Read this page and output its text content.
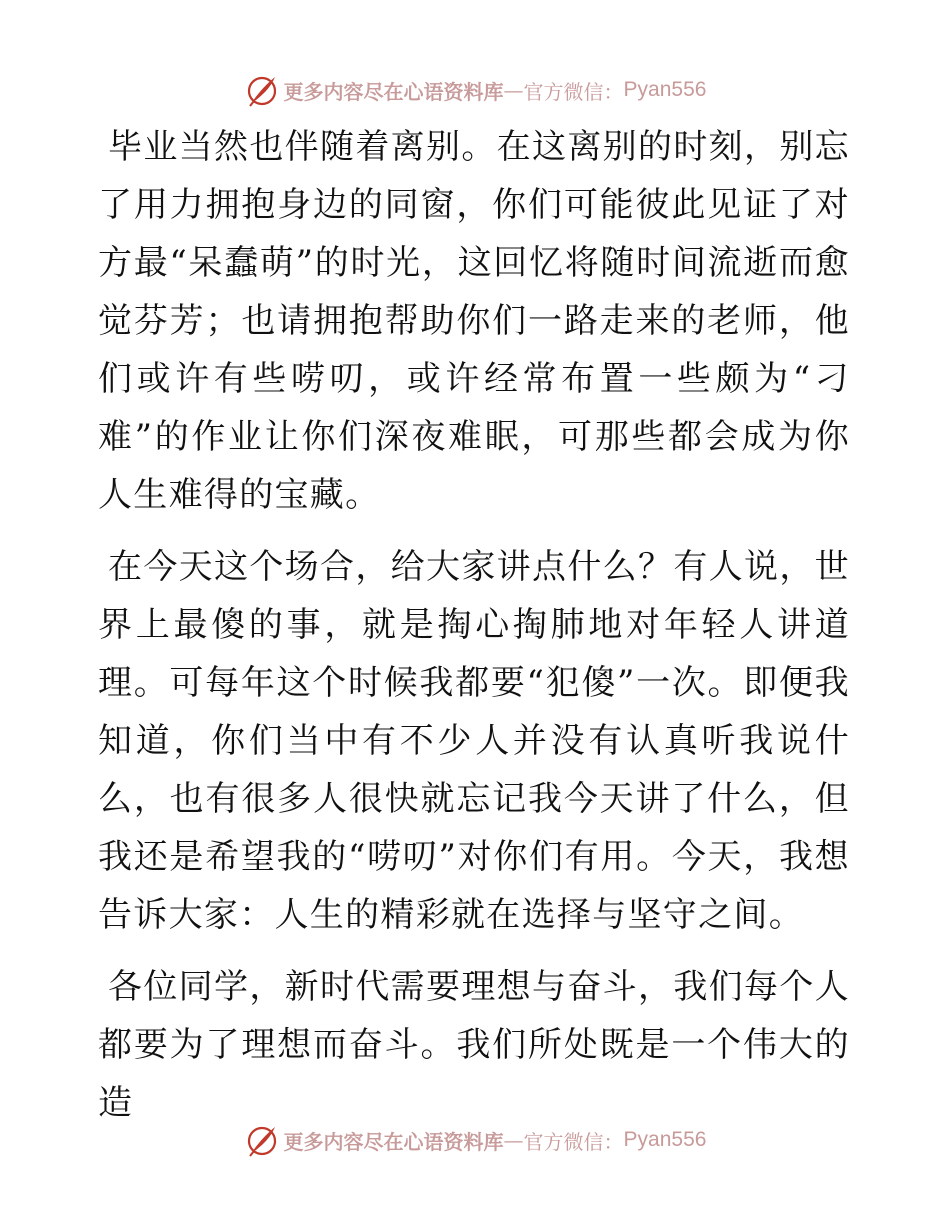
更多内容尽在心语资料库 — 官方微信： Pyan556

毕业当然也伴随着离别。在这离别的时刻，别忘了用力拥抱身边的同窗，你们可能彼此见证了对方最“呆蠢萌”的时光，这回忆将随时间流逝而愈觉芬芳；也请拥抱帮助你们一路走来的老师，他们或许有些唠叨，或许经常布置一些颇为“刁难”的作业让你们深夜难眠，可那些都会成为你人生难得的宝藏。

在今天这个场合，给大家讲点什么？有人说，世界上最傻的事，就是掏心掏肺地对年轻人讲道理。可每年这个时候我都要“犯傻”一次。即便我知道，你们当中有不少人并没有认真听我说什么，也有很多人很快就忘记我今天讲了什么，但我还是希望我的“唠叨”对你们有用。今天，我想告诉大家：人生的精彩就在选择与坚守之间。

各位同学，新时代需要理想与奋斗，我们每个人都要为了理想而奋斗。我们所处既是一个伟大的造

更多内容尽在心语资料库 — 官方微信： Pyan556
